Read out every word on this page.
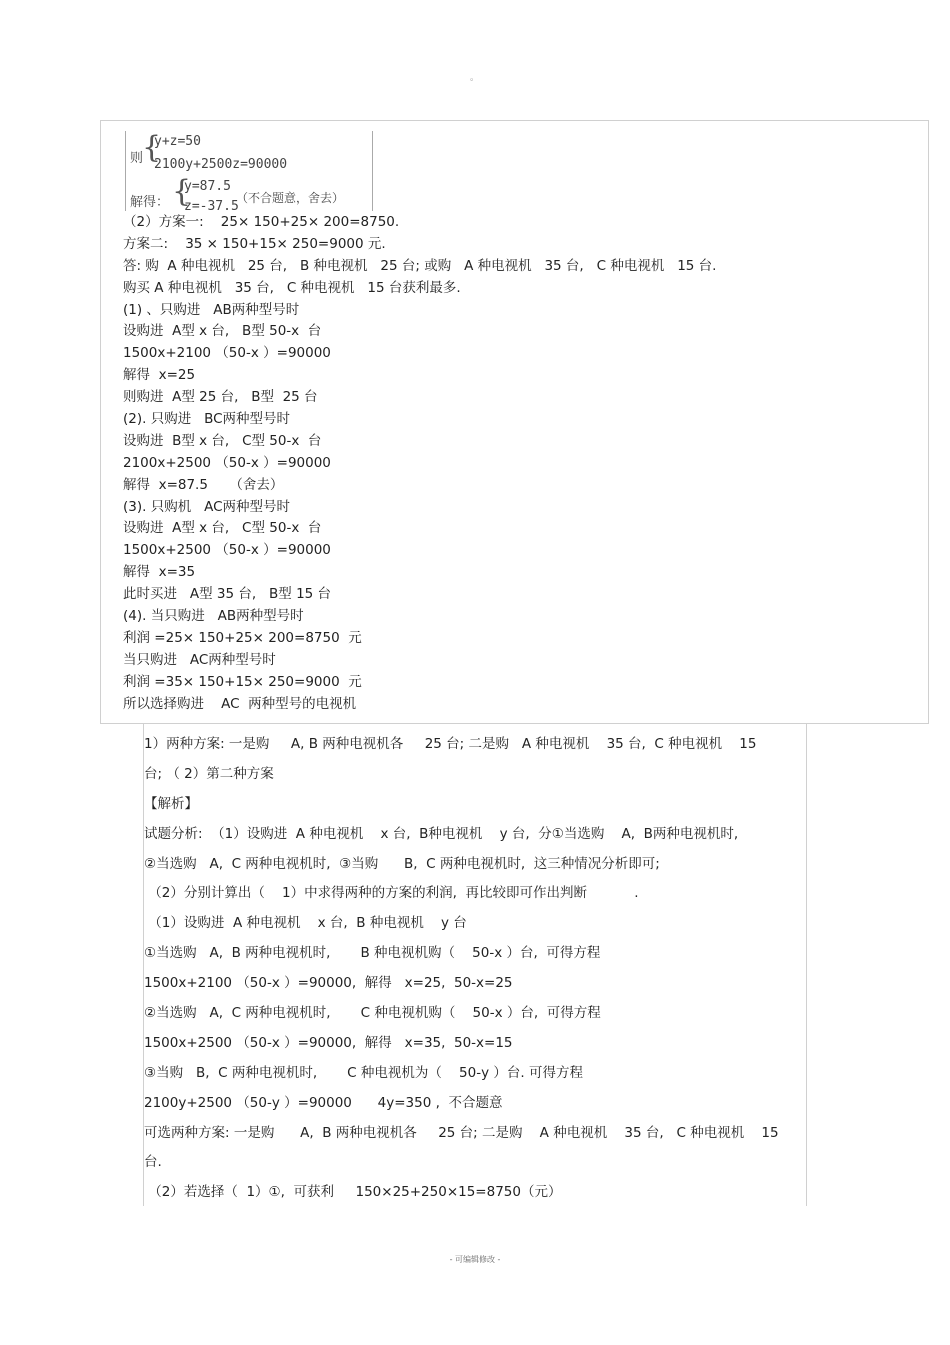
。
则
{
y+z=50
2100y+2500z=90000
解得： {
y=87.5
z=-37.5
（不合题意，舍去）
（2）方案一:    25× 150+25× 200=8750.
方案二:    35 × 150+15× 250=9000 元.
答: 购  A 种电视机   25 台,   B 种电视机   25 台; 或购   A 种电视机   35 台,   C 种电视机   15 台.
购买 A 种电视机   35 台,   C 种电视机   15 台获利最多.
(1) 、只购进   AB两种型号时
设购进  A型 x 台,   B型 50-x  台
1500x+2100 （50-x ）=90000
解得  x=25
则购进  A型 25 台,   B型  25 台
(2). 只购进   BC两种型号时
设购进  B型 x 台,   C型 50-x  台
2100x+2500 （50-x ）=90000
解得  x=87.5     （舍去）
(3). 只购机   AC两种型号时
设购进  A型 x 台,   C型 50-x  台
1500x+2500 （50-x ）=90000
解得  x=35
此时买进   A型 35 台,   B型 15 台
(4). 当只购进   AB两种型号时
利润 =25× 150+25× 200=8750  元
当只购进   AC两种型号时
利润 =35× 150+15× 250=9000  元
所以选择购进    AC  两种型号的电视机
1）两种方案: 一是购     A, B 两种电视机各     25 台; 二是购   A 种电视机    35 台,  C 种电视机    15
台; （ 2）第二种方案
【解析】
试题分析:  （1）设购进  A 种电视机    x 台,  B种电视机    y 台,  分①当选购    A,  B两种电视机时,
②当选购   A,  C 两种电视机时,  ③当购      B,  C 两种电视机时,  这三种情况分析即可;
（2）分别计算出（    1）中求得两种的方案的利润,  再比较即可作出判断           .
（1）设购进  A 种电视机    x 台,  B 种电视机    y 台
①当选购   A,  B 两种电视机时,       B 种电视机购（    50-x ）台,  可得方程
1500x+2100 （50-x ）=90000,  解得   x=25,  50-x=25
②当选购   A,  C 两种电视机时,       C 种电视机购（    50-x ）台,  可得方程
1500x+2500 （50-x ）=90000,  解得   x=35,  50-x=15
③当购   B,  C 两种电视机时,       C 种电视机为（    50-y ）台. 可得方程
2100y+2500 （50-y ）=90000      4y=350 ,  不合题意
可选两种方案: 一是购      A,  B 两种电视机各     25 台; 二是购    A 种电视机    35 台,   C 种电视机    15
台.
（2）若选择（  1）①,  可获利     150×25+250×15=8750（元）
- 可编辑修改 -
